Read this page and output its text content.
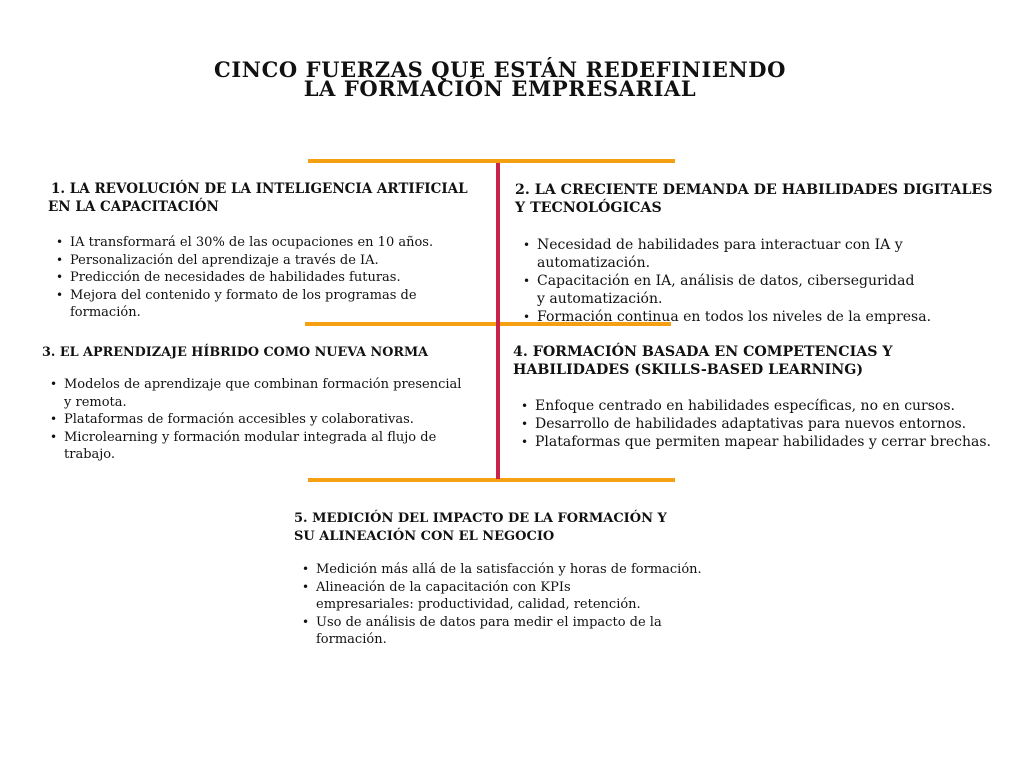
CINCO FUERZAS QUE ESTÁN REDEFINIENDO
LA FORMACIÓN EMPRESARIAL
1. LA REVOLUCIÓN DE LA INTELIGENCIA ARTIFICIAL EN LA CAPACITACIÓN
• IA transformará el 30% de las ocupaciones en 10 años.
• Personalización del aprendizaje a través de IA.
• Predicción de necesidades de habilidades futuras.
• Mejora del contenido y formato de los programas de formación.
2. LA CRECIENTE DEMANDA DE HABILIDADES DIGITALES Y TECNOLÓGICAS
• Necesidad de habilidades para interactuar con IA y automatización.
• Capacitación en IA, análisis de datos, ciberseguridad y automatización.
• Formación continua en todos los niveles de la empresa.
3. EL APRENDIZAJE HÍBRIDO COMO NUEVA NORMA
• Modelos de aprendizaje que combinan formación presencial y remota.
• Plataformas de formación accesibles y colaborativas.
• Microlearning y formación modular integrada al flujo de trabajo.
4. FORMACIÓN BASADA EN COMPETENCIAS Y HABILIDADES (SKILLS-BASED LEARNING)
• Enfoque centrado en habilidades específicas, no en cursos.
• Desarrollo de habilidades adaptativas para nuevos entornos.
• Plataformas que permiten mapear habilidades y cerrar brechas.
5. MEDICIÓN DEL IMPACTO DE LA FORMACIÓN Y SU ALINEACIÓN CON EL NEGOCIO
• Medición más allá de la satisfacción y horas de formación.
• Alineación de la capacitación con KPIs empresariales: productividad, calidad, retención.
• Uso de análisis de datos para medir el impacto de la formación.
